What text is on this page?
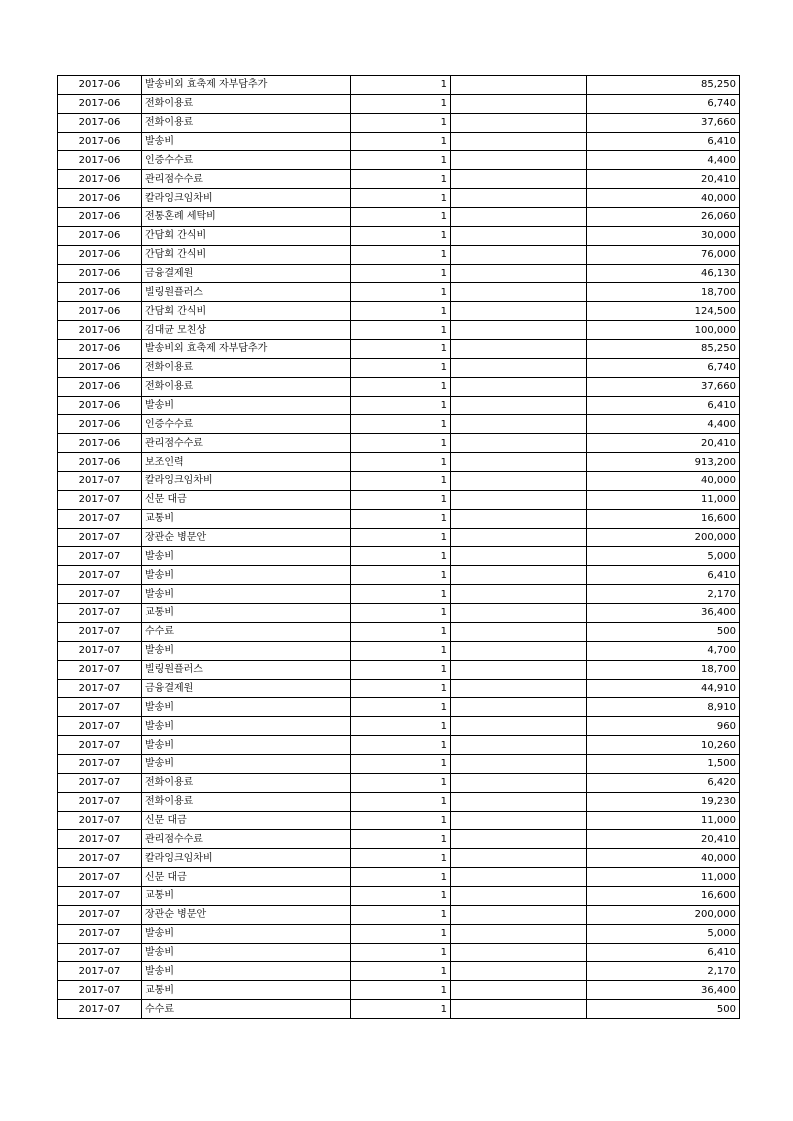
2017-06	발송비외 효축제 자부담추가	1		85,250
2017-06	전화이용료	1		6,740
2017-06	전화이용료	1		37,660
2017-06	발송비	1		6,410
2017-06	인증수수료	1		4,400
2017-06	관리점수수료	1		20,410
2017-06	칼라잉크임차비	1		40,000
2017-06	전통혼례 세탁비	1		26,060
2017-06	간담회 간식비	1		30,000
2017-06	간담회 간식비	1		76,000
2017-06	금융결제원	1		46,130
2017-06	빌링원플러스	1		18,700
2017-06	간담회 간식비	1		124,500
2017-06	김대균 모친상	1		100,000
2017-06	발송비외 효축제 자부담추가	1		85,250
2017-06	전화이용료	1		6,740
2017-06	전화이용료	1		37,660
2017-06	발송비	1		6,410
2017-06	인증수수료	1		4,400
2017-06	관리점수수료	1		20,410
2017-06	보조인력	1		913,200
2017-07	칼라잉크임차비	1		40,000
2017-07	신문 대금	1		11,000
2017-07	교통비	1		16,600
2017-07	장관순 병문안	1		200,000
2017-07	발송비	1		5,000
2017-07	발송비	1		6,410
2017-07	발송비	1		2,170
2017-07	교통비	1		36,400
2017-07	수수료	1		500
2017-07	발송비	1		4,700
2017-07	빌링원플러스	1		18,700
2017-07	금융결제원	1		44,910
2017-07	발송비	1		8,910
2017-07	발송비	1		960
2017-07	발송비	1		10,260
2017-07	발송비	1		1,500
2017-07	전화이용료	1		6,420
2017-07	전화이용료	1		19,230
2017-07	신문 대금	1		11,000
2017-07	관리점수수료	1		20,410
2017-07	칼라잉크임차비	1		40,000
2017-07	신문 대금	1		11,000
2017-07	교통비	1		16,600
2017-07	장관순 병문안	1		200,000
2017-07	발송비	1		5,000
2017-07	발송비	1		6,410
2017-07	발송비	1		2,170
2017-07	교통비	1		36,400
2017-07	수수료	1		500
